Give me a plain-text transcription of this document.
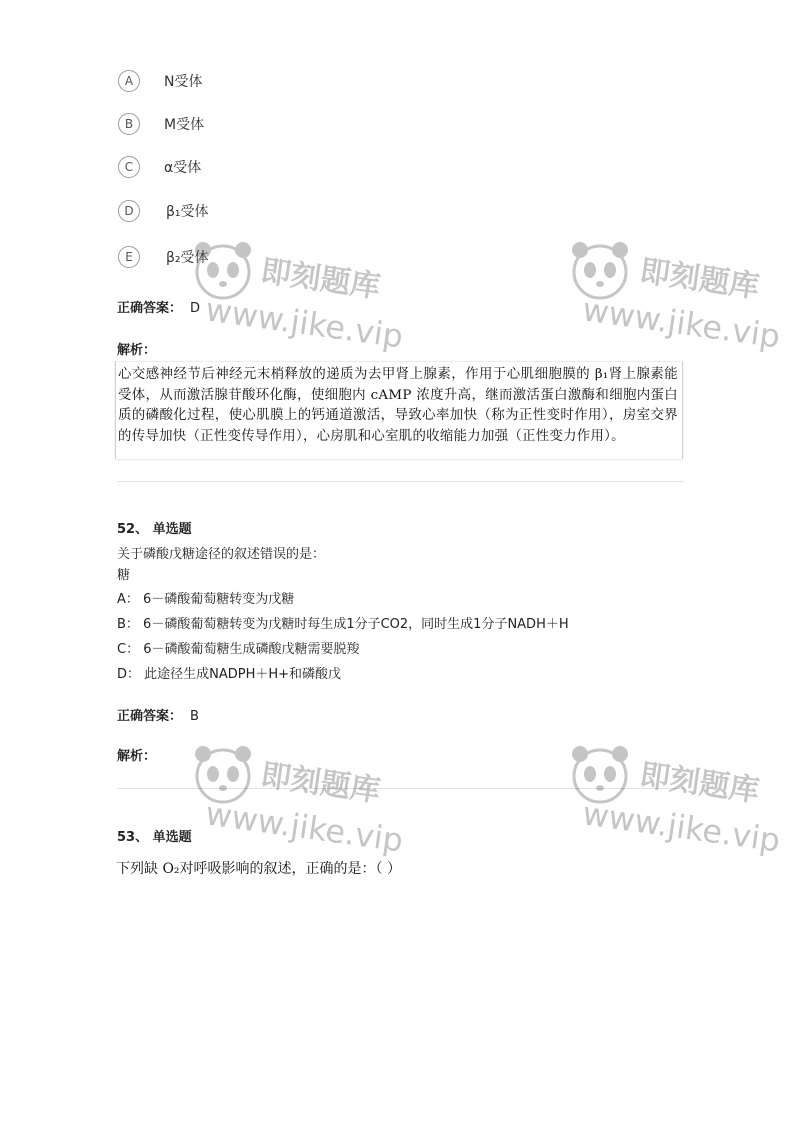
A	N受体
B	M受体
C	α受体
D	β₁受体
E	β₂受体
正确答案： D
解析：
心交感神经节后神经元末梢释放的递质为去甲肾上腺素，作用于心肌细胞膜的 β₁肾上腺素能受体，从而激活腺苷酸环化酶，使细胞内 cAMP 浓度升高，继而激活蛋白激酶和细胞内蛋白质的磷酸化过程，使心肌膜上的钙通道激活，导致心率加快（称为正性变时作用），房室交界的传导加快（正性变传导作用），心房肌和心室肌的收缩能力加强（正性变力作用）。
52、 单选题
关于磷酸戊糖途径的叙述错误的是：
糖
A： 6－磷酸葡萄糖转变为戊糖
B： 6－磷酸葡萄糖转变为戊糖时每生成1分子CO2，同时生成1分子NADH＋H
C： 6－磷酸葡萄糖生成磷酸戊糖需要脱羧
D： 此途径生成NADPH＋H+和磷酸戊
正确答案： B
解析：
53、 单选题
下列缺 O₂对呼吸影响的叙述，正确的是：（ ）
即刻题库
www.jike.vip
即刻题库
www.jike.vip
即刻题库
www.jike.vip
即刻题库
www.jike.vip
